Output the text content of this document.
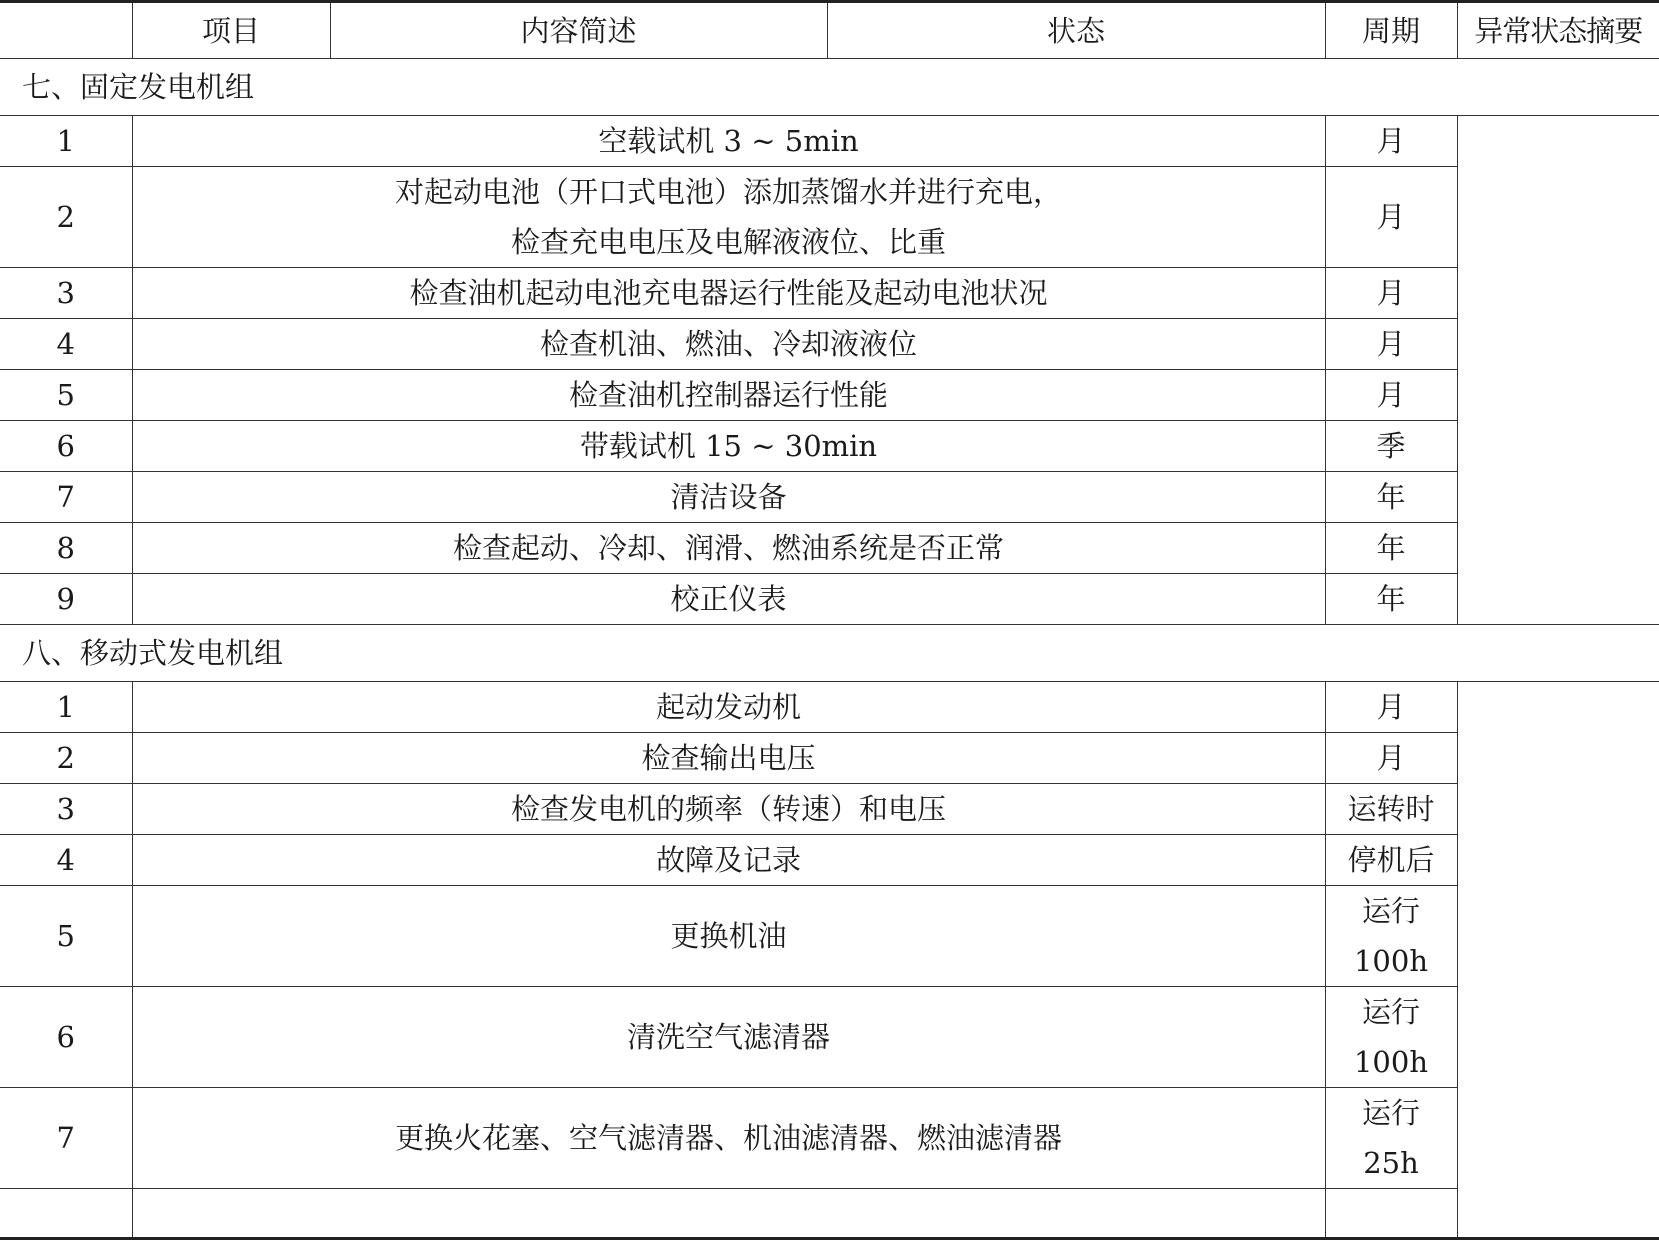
	项目	内容简述	状态	周期	异常状态摘要
七、固定发电机组					
1	空载试机 3 ~ 5min			月	
2	对起动电池（开口式电池）添加蒸馏水并进行充电，
检查充电电压及电解液液位、比重			月	
3	检查油机起动电池充电器运行性能及起动电池状况			月	
4	检查机油、燃油、冷却液液位			月	
5	检查油机控制器运行性能			月	
6	带载试机 15 ~ 30min			季	
7	清洁设备			年	
8	检查起动、冷却、润滑、燃油系统是否正常			年	
9	校正仪表			年	
八、移动式发电机组					
1	起动发动机			月	
2	检查输出电压			月	
3	检查发电机的频率（转速）和电压			运转时	
4	故障及记录			停机后	
5	更换机油			运行
100h	
6	清洗空气滤清器			运行
100h	
7	更换火花塞、空气滤清器、机油滤清器、燃油滤清器			运行
25h	
